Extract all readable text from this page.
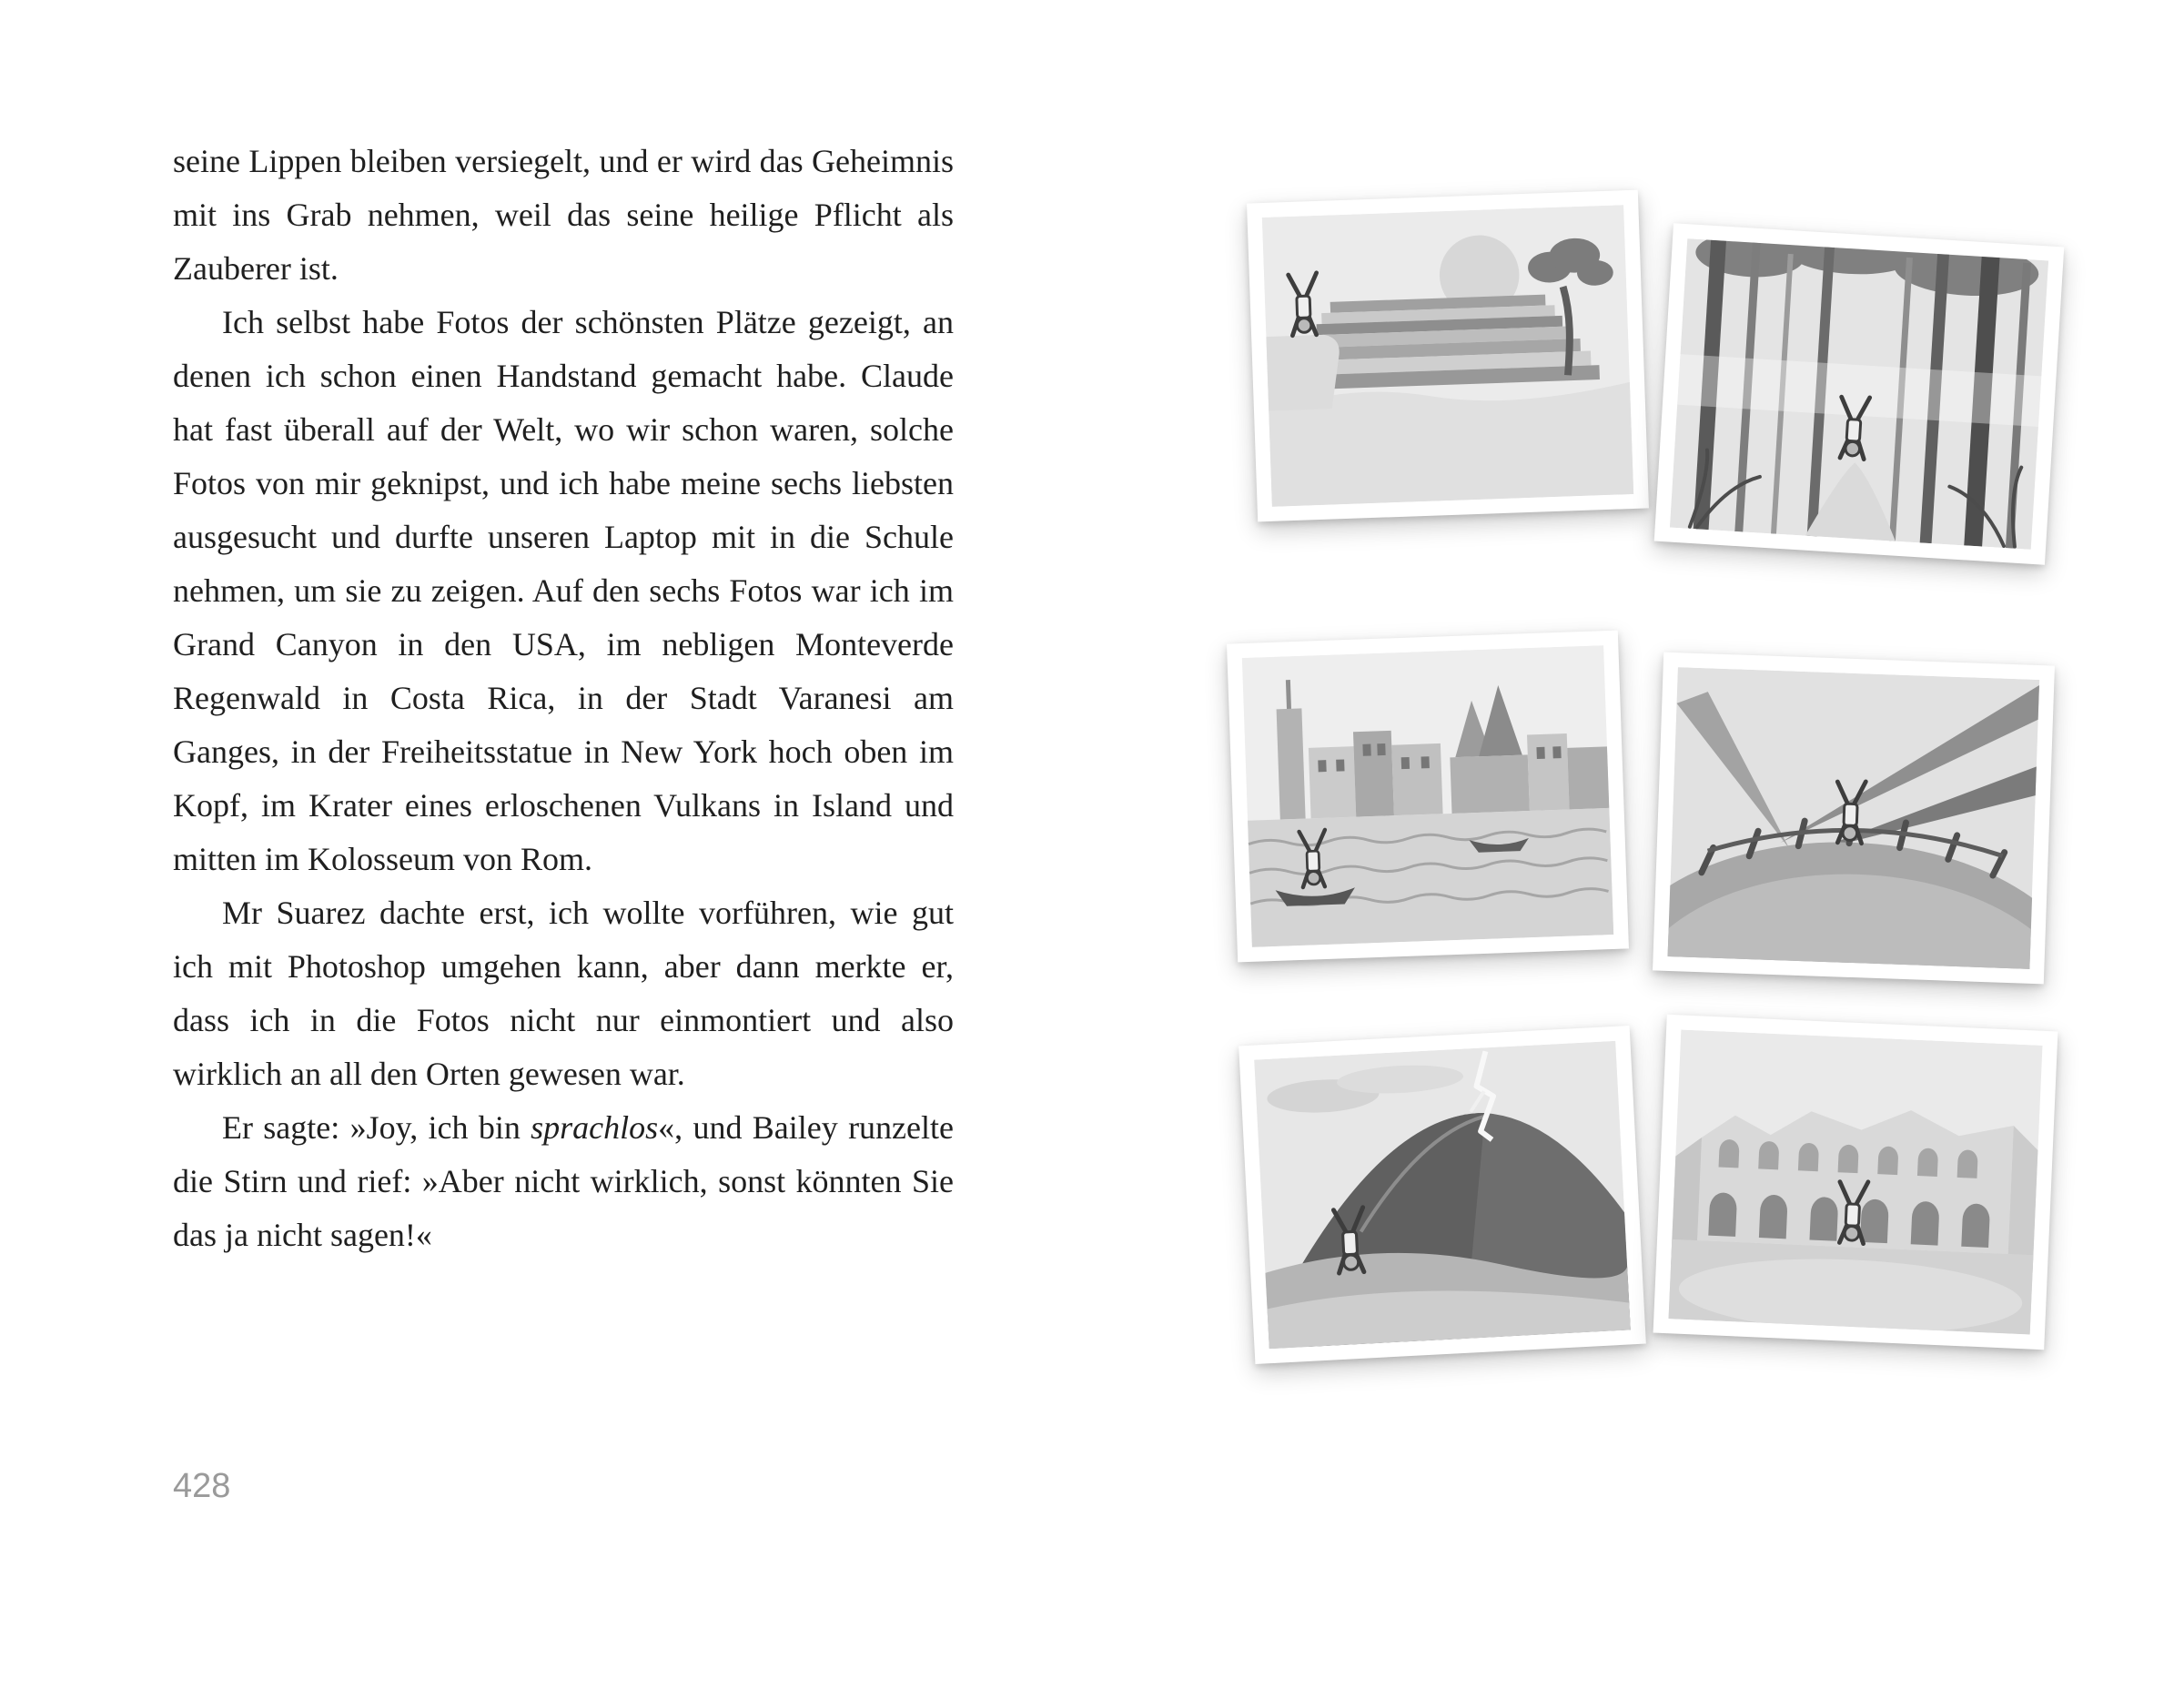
seine Lippen bleiben versiegelt, und er wird das Geheimnis mit ins Grab nehmen, weil das seine heilige Pflicht als Zauberer ist.

Ich selbst habe Fotos der schönsten Plätze gezeigt, an denen ich schon einen Handstand gemacht habe. Claude hat fast überall auf der Welt, wo wir schon waren, solche Fotos von mir geknipst, und ich habe meine sechs liebsten ausgesucht und durfte unseren Laptop mit in die Schule nehmen, um sie zu zeigen. Auf den sechs Fotos war ich im Grand Canyon in den USA, im nebligen Monteverde Regenwald in Costa Rica, in der Stadt Varanesi am Ganges, in der Freiheitsstatue in New York hoch oben im Kopf, im Krater eines erloschenen Vulkans in Island und mitten im Kolosseum von Rom.

Mr Suarez dachte erst, ich wollte vorführen, wie gut ich mit Photoshop umgehen kann, aber dann merkte er, dass ich in die Fotos nicht nur einmontiert und also wirklich an all den Orten gewesen war.

Er sagte: »Joy, ich bin sprachlos«, und Bailey runzelte die Stirn und rief: »Aber nicht wirklich, sonst könnten Sie das ja nicht sagen!«

428
